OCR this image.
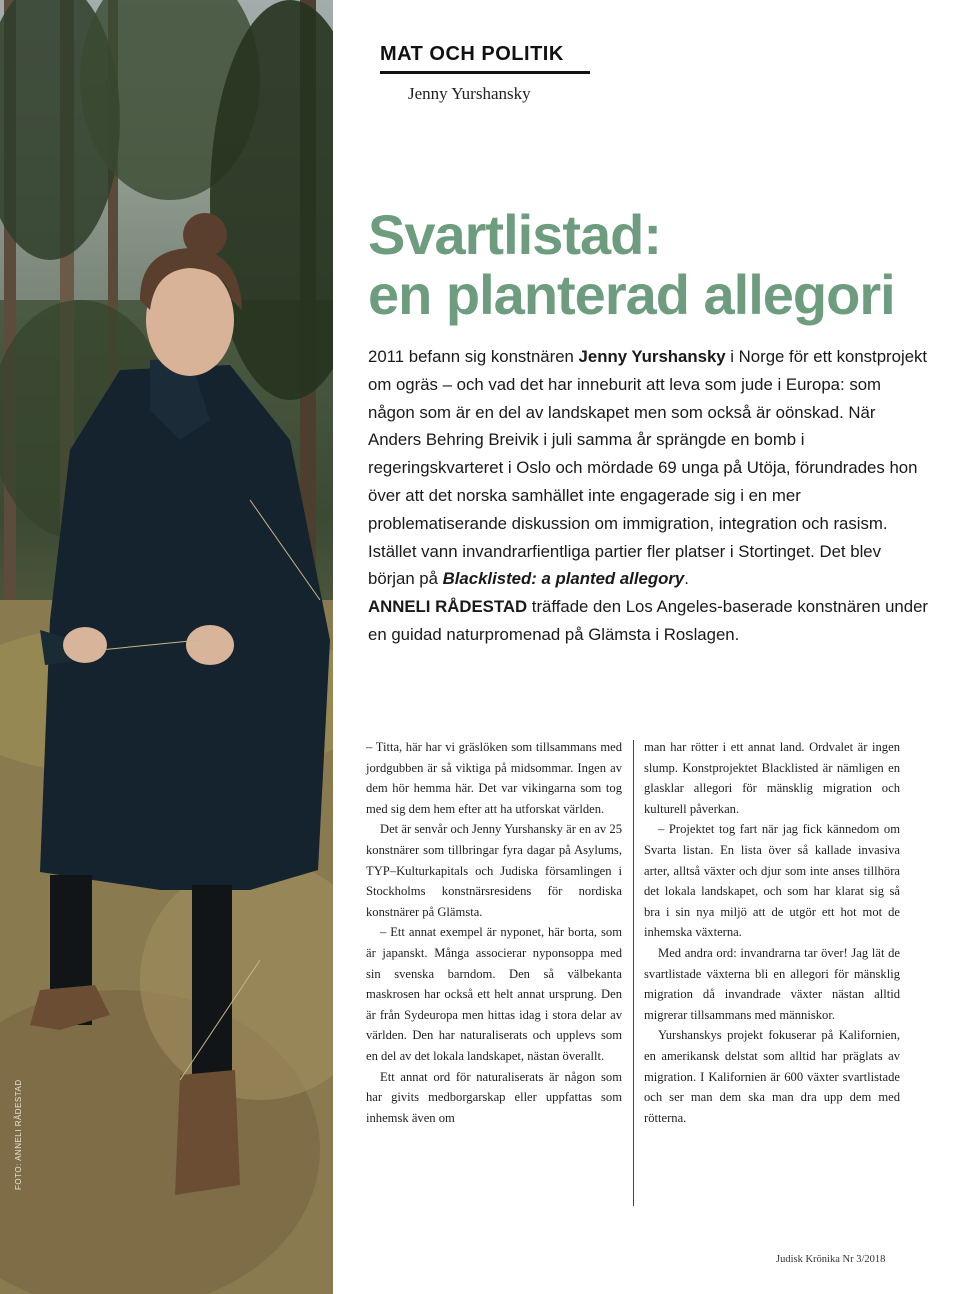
FOTO: ANNELI RÅDESTAD
MAT OCH POLITIK
Jenny Yurshansky
Svartlistad:
en planterad allegori

2011 befann sig konstnären Jenny Yurshansky i Norge för ett konstprojekt om ogräs – och vad det har inneburit att leva som jude i Europa: som någon som är en del av landskapet men som också är oönskad. När Anders Behring Breivik i juli samma år sprängde en bomb i regeringskvarteret i Oslo och mördade 69 unga på Utöja, förundrades hon över att det norska samhället inte engagerade sig i en mer problematiserande diskussion om immigration, integration och rasism. Istället vann invandrarfientliga partier fler platser i Stortinget. Det blev början på Blacklisted: a planted allegory.
ANNELI RÅDESTAD träffade den Los Angeles-baserade konstnären under en guidad naturpromenad på Glämsta i Roslagen.

– Titta, här har vi gräslöken som tillsammans med jordgubben är så viktiga på midsommar. Ingen av dem hör hemma här. Det var vikingarna som tog med sig dem hem efter att ha utforskat världen.

Det är senvår och Jenny Yurshansky är en av 25 konstnärer som tillbringar fyra dagar på Asylums, TYP–Kulturkapitals och Judiska församlingen i Stockholms konstnärsresidens för nordiska konstnärer på Glämsta.

– Ett annat exempel är nyponet, här borta, som är japanskt. Många associerar nyponsoppa med sin svenska barndom. Den så välbekanta maskrosen har också ett helt annat ursprung. Den är från Sydeuropa men hittas idag i stora delar av världen. Den har naturaliserats och upplevs som en del av det lokala landskapet, nästan överallt.

Ett annat ord för naturaliserats är någon som har givits medborgarskap eller uppfattas som inhemsk även om

man har rötter i ett annat land. Ordvalet är ingen slump. Konstprojektet Blacklisted är nämligen en glasklar allegori för mänsklig migration och kulturell påverkan.

– Projektet tog fart när jag fick kännedom om Svarta listan. En lista över så kallade invasiva arter, alltså växter och djur som inte anses tillhöra det lokala landskapet, och som har klarat sig så bra i sin nya miljö att de utgör ett hot mot de inhemska växterna.

Med andra ord: invandrarna tar över! Jag lät de svartlistade växterna bli en allegori för mänsklig migration då invandrade växter nästan alltid migrerar tillsammans med människor.

Yurshanskys projekt fokuserar på Kalifornien, en amerikansk delstat som alltid har präglats av migration. I Kalifornien är 600 växter svartlistade och ser man dem ska man dra upp dem med rötterna.

Judisk Krönika Nr 3/2018
